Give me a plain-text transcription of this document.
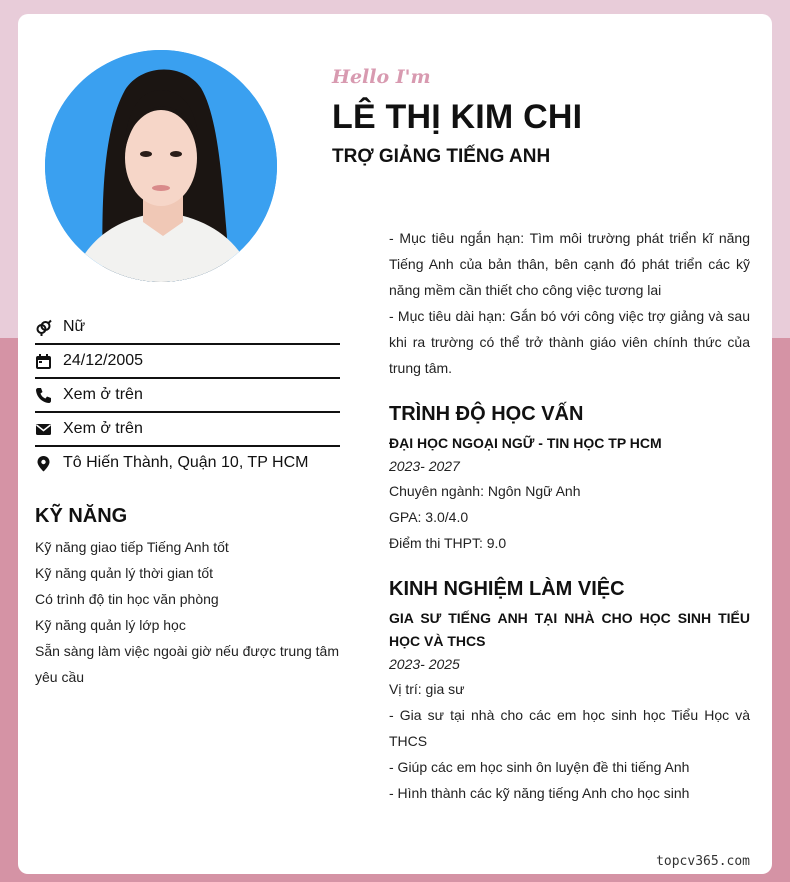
Hello I'm
LÊ THỊ KIM CHI
TRỢ GIẢNG TIẾNG ANH
Nữ
24/12/2005
Xem ở trên
Xem ở trên
Tô Hiến Thành, Quận 10, TP HCM
KỸ NĂNG
Kỹ năng giao tiếp Tiếng Anh tốt
Kỹ năng quản lý thời gian tốt
Có trình độ tin học văn phòng
Kỹ năng quản lý lớp học
Sẵn sàng làm việc ngoài giờ nếu được trung tâm yêu cầu
- Mục tiêu ngắn hạn: Tìm môi trường phát triển kĩ năng Tiếng Anh của bản thân, bên cạnh đó phát triển các kỹ năng mềm cần thiết cho công việc tương lai
- Mục tiêu dài hạn: Gắn bó với công việc trợ giảng và sau khi ra trường có thể trở thành giáo viên chính thức của trung tâm.
TRÌNH ĐỘ HỌC VẤN
ĐẠI HỌC NGOẠI NGỮ - TIN HỌC TP HCM
2023- 2027
Chuyên ngành: Ngôn Ngữ Anh
GPA: 3.0/4.0
Điểm thi THPT: 9.0
KINH NGHIỆM LÀM VIỆC
GIA SƯ TIẾNG ANH TẠI NHÀ CHO HỌC SINH TIỂU HỌC VÀ THCS
2023- 2025
Vị trí: gia sư
- Gia sư tại nhà cho các em học sinh học Tiểu Học và THCS
- Giúp các em học sinh ôn luyện đề thi tiếng Anh
- Hình thành các kỹ năng tiếng Anh cho học sinh
topcv365.com
